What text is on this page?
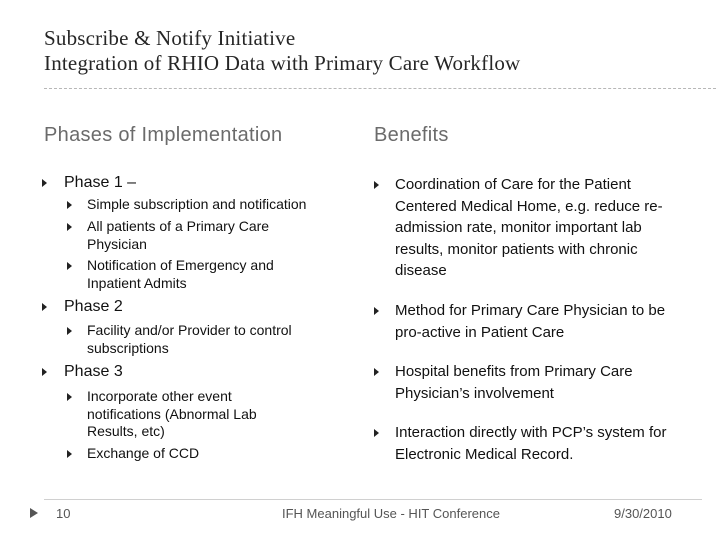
Subscribe & Notify Initiative
Integration of RHIO Data with Primary Care Workflow
Phases of Implementation
Phase 1 –
Simple subscription and notification
All patients of a Primary Care Physician
Notification of Emergency and Inpatient Admits
Phase 2
Facility and/or Provider to control subscriptions
Phase 3
Incorporate other event notifications (Abnormal Lab Results, etc)
Exchange of CCD
Benefits
Coordination of Care for the Patient Centered Medical Home, e.g. reduce re-admission rate, monitor important lab results, monitor patients with chronic disease
Method for Primary Care Physician to be pro-active in Patient Care
Hospital benefits from Primary Care Physician’s involvement
Interaction directly with PCP’s system for Electronic Medical Record.
10	IFH Meaningful Use - HIT Conference	9/30/2010
